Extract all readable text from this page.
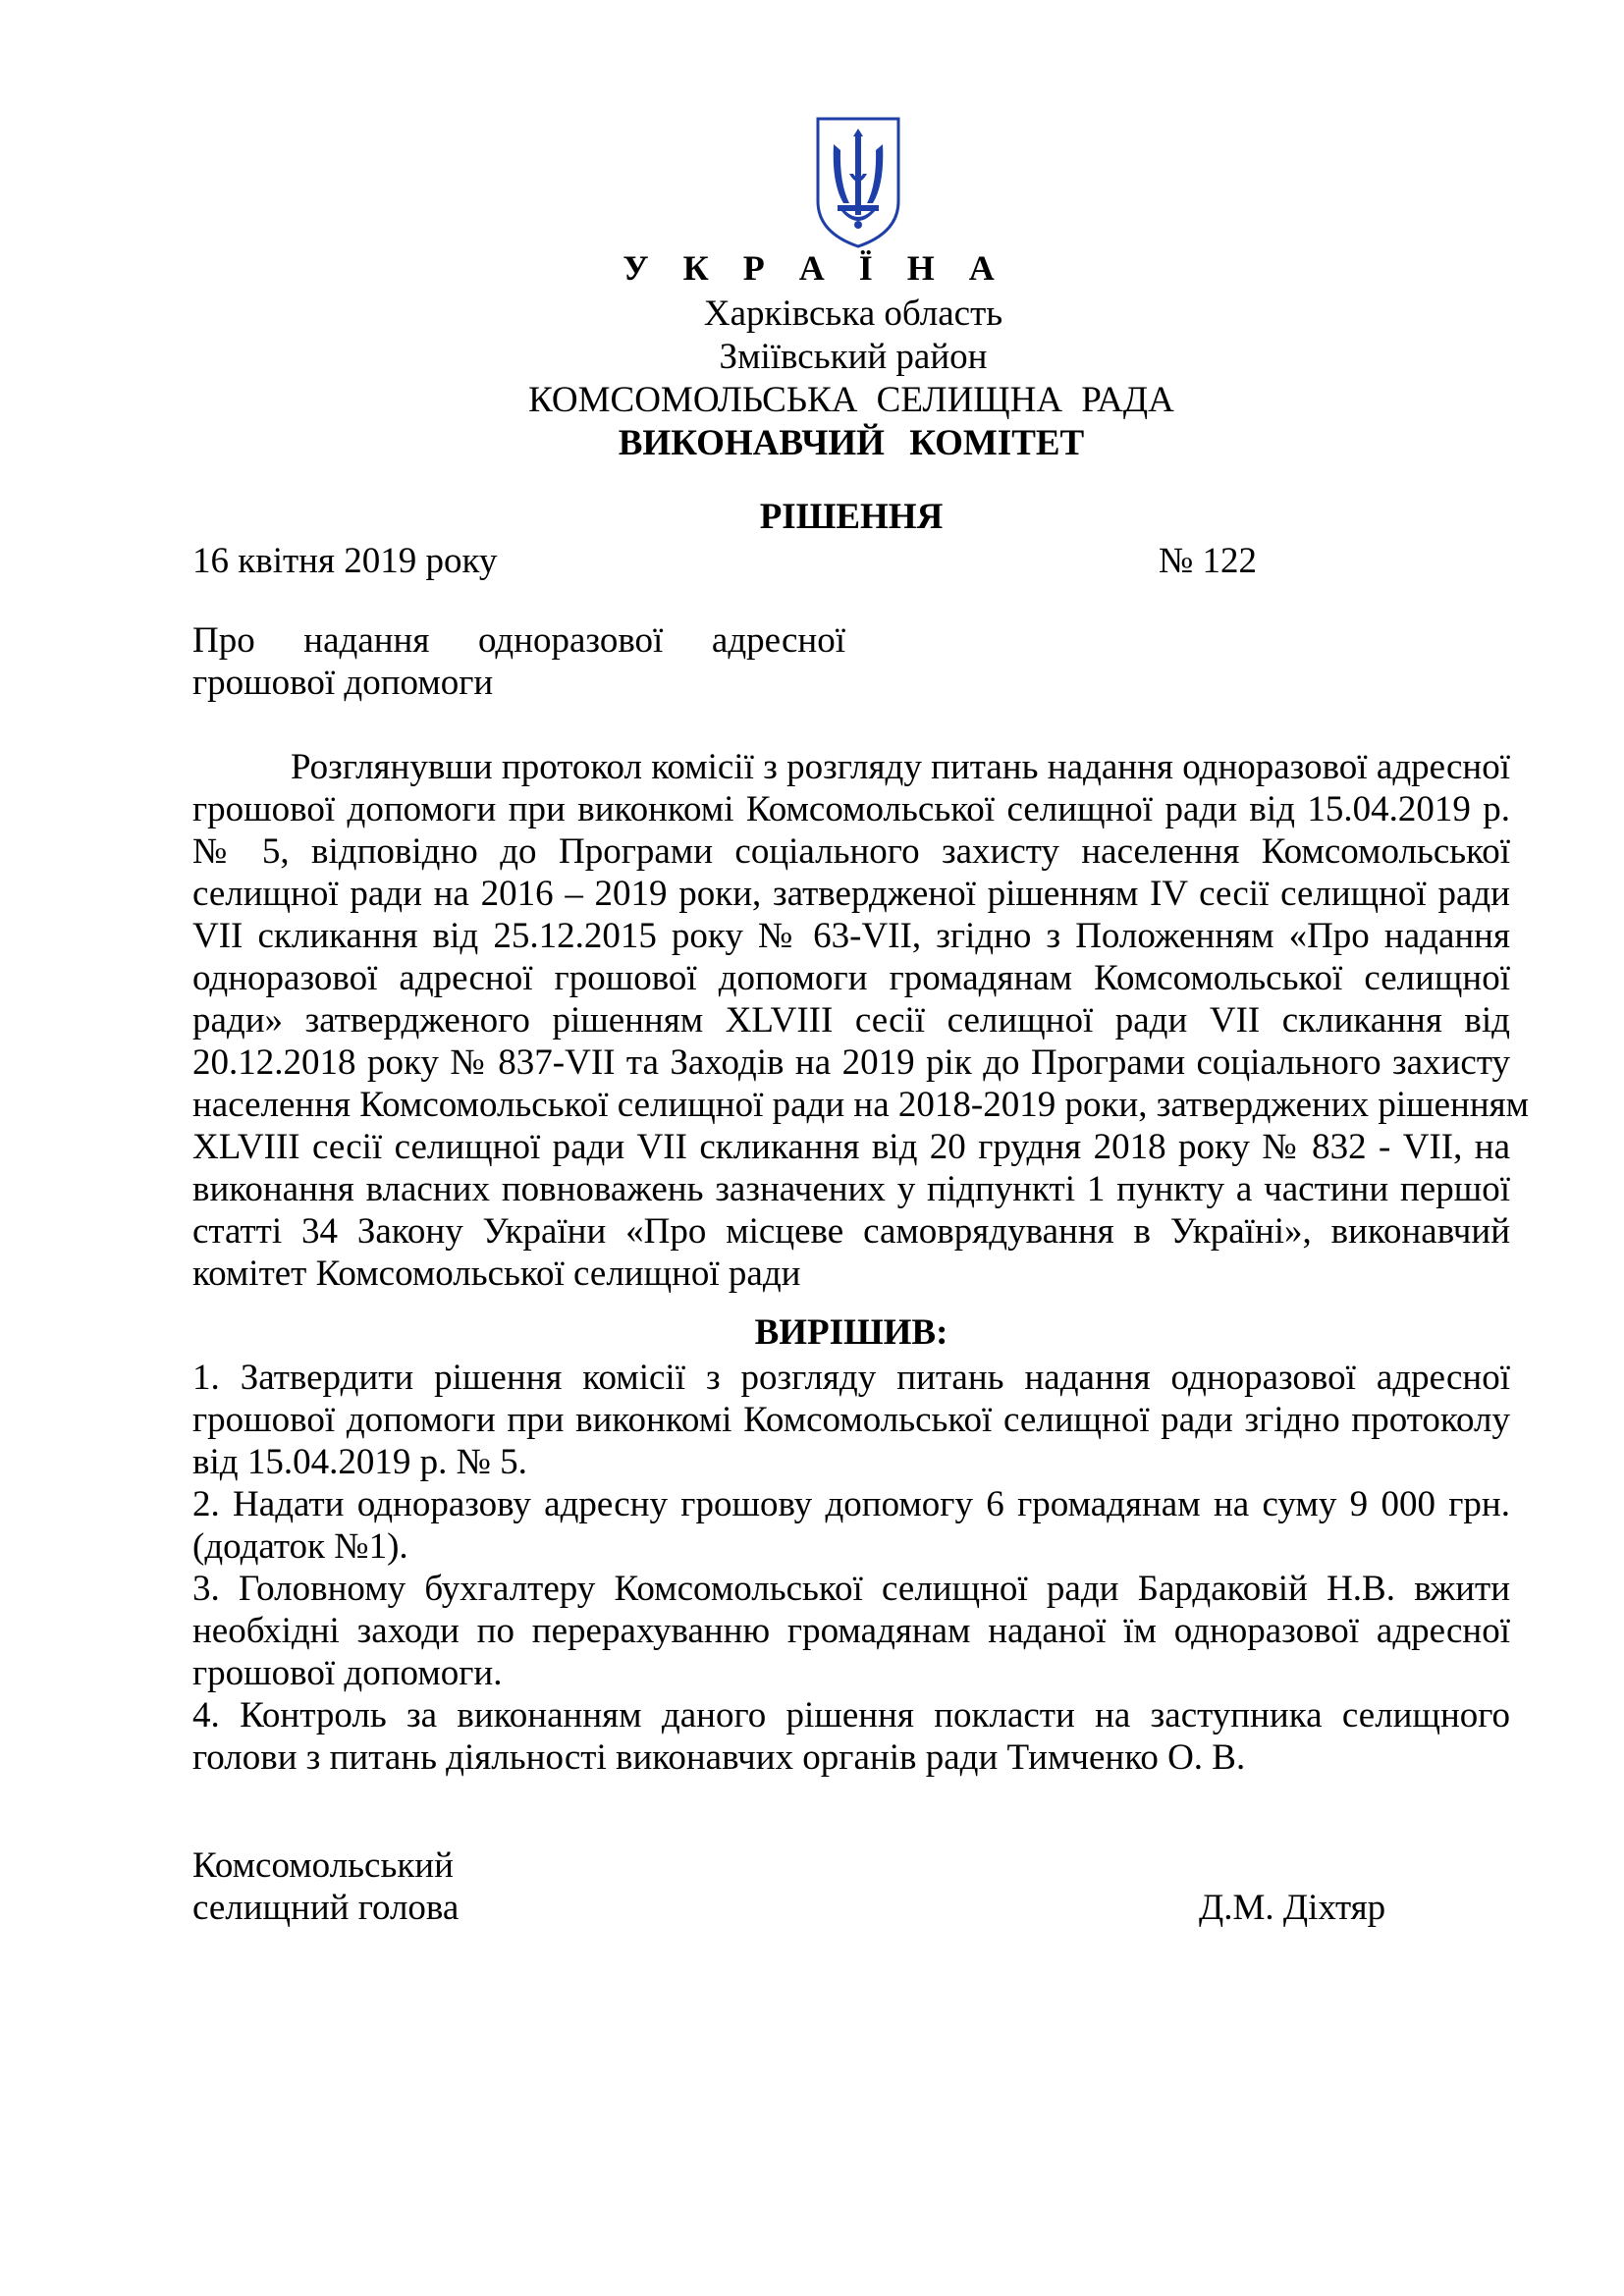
У К Р А Ї Н А
Харківська область
Зміївський район
КОМСОМОЛЬСЬКА СЕЛИЩНА РАДА
ВИКОНАВЧИЙ КОМІТЕТ
РІШЕННЯ
16 квітня 2019 року	№ 122
Про надання одноразової адресної
грошової допомоги
Розглянувши протокол комісії з розгляду питань надання одноразової адресної
грошової допомоги при виконкомі Комсомольської селищної ради від 15.04.2019 р.
№ 5, відповідно до Програми соціального захисту населення Комсомольської
селищної ради на 2016 – 2019 роки, затвердженої рішенням IV сесії селищної ради
VII скликання від 25.12.2015 року № 63-VII, згідно з Положенням «Про надання
одноразової адресної грошової допомоги громадянам Комсомольської селищної
ради» затвердженого рішенням XLVIII сесії селищної ради VII скликання від
20.12.2018 року № 837-VII та Заходів на 2019 рік до Програми соціального захисту
населення Комсомольської селищної ради на 2018-2019 роки, затверджених рішенням
XLVIII сесії селищної ради VII скликання від 20 грудня 2018 року № 832 - VII, на
виконання власних повноважень зазначених у підпункті 1 пункту а частини першої
статті 34 Закону України «Про місцеве самоврядування в Україні», виконавчий
комітет Комсомольської селищної ради
ВИРІШИВ:
1. Затвердити рішення комісії з розгляду питань надання одноразової адресної
грошової допомоги при виконкомі Комсомольської селищної ради згідно протоколу
від 15.04.2019 р. № 5.
2. Надати одноразову адресну грошову допомогу 6 громадянам на суму 9 000 грн.
(додаток №1).
3. Головному бухгалтеру Комсомольської селищної ради Бардаковій Н.В. вжити
необхідні заходи по перерахуванню громадянам наданої їм одноразової адресної
грошової допомоги.
4. Контроль за виконанням даного рішення покласти на заступника селищного
голови з питань діяльності виконавчих органів ради Тимченко О. В.
Комсомольський
селищний голова	Д.М. Діхтяр
